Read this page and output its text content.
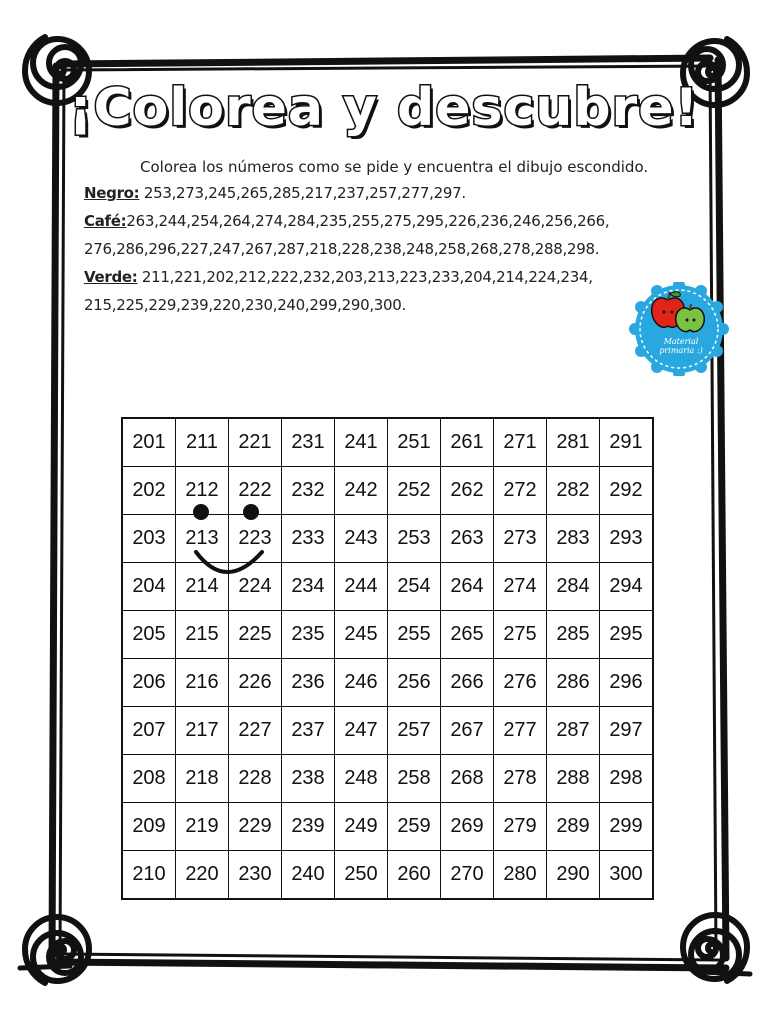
¡Colorea y descubre!
Colorea los números como se pide y encuentra el dibujo escondido.
Negro: 253,273,245,265,285,217,237,257,277,297.
Café:263,244,254,264,274,284,235,255,275,295,226,236,246,256,266,
276,286,296,227,247,267,287,218,228,238,248,258,268,278,288,298.
Verde: 211,221,202,212,222,232,203,213,223,233,204,214,224,234,
215,225,229,239,220,230,240,299,290,300.
Material
primaria :)
201	211	221	231	241	251	261	271	281	291
202	212	222	232	242	252	262	272	282	292
203	213	223	233	243	253	263	273	283	293
204	214	224	234	244	254	264	274	284	294
205	215	225	235	245	255	265	275	285	295
206	216	226	236	246	256	266	276	286	296
207	217	227	237	247	257	267	277	287	297
208	218	228	238	248	258	268	278	288	298
209	219	229	239	249	259	269	279	289	299
210	220	230	240	250	260	270	280	290	300
